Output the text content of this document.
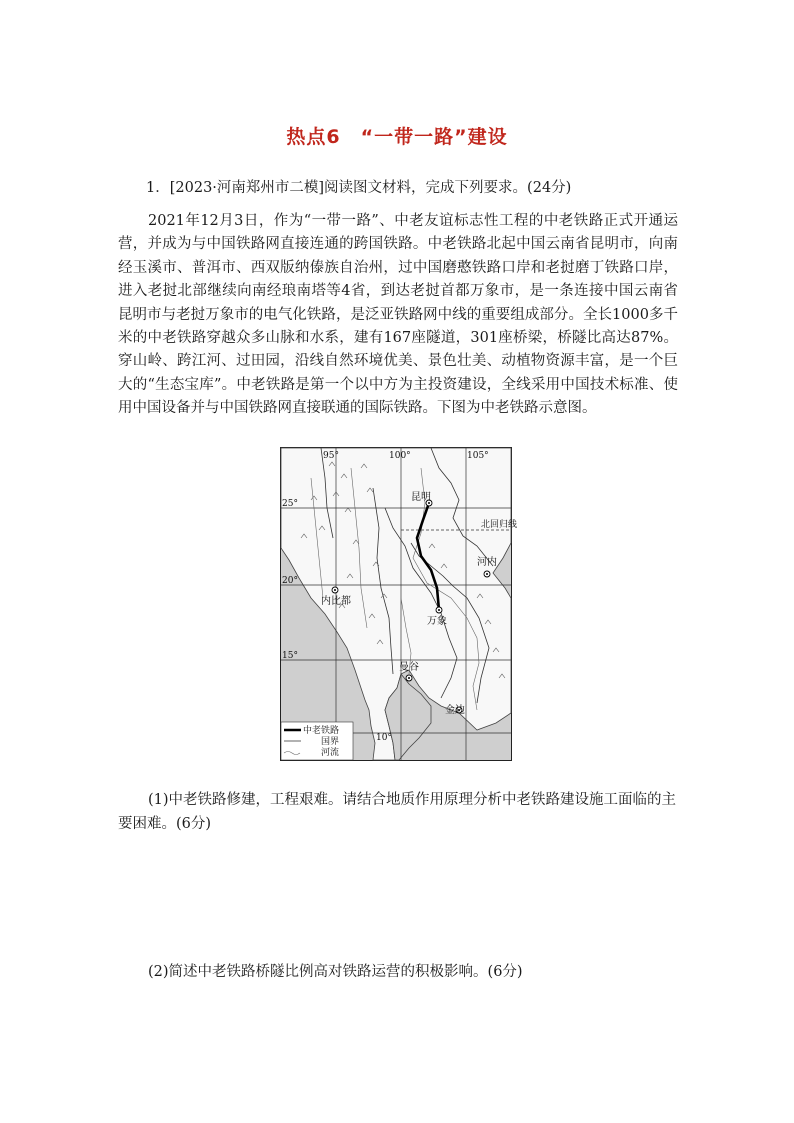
热点6　“一带一路”建设
1．[2023·河南郑州市二模]阅读图文材料，完成下列要求。(24分)

2021年12月3日，作为“一带一路”、中老友谊标志性工程的中老铁路正式开通运营，并成为与中国铁路网直接连通的跨国铁路。中老铁路北起中国云南省昆明市，向南经玉溪市、普洱市、西双版纳傣族自治州，过中国磨憨铁路口岸和老挝磨丁铁路口岸，进入老挝北部继续向南经琅南塔等4省，到达老挝首都万象市，是一条连接中国云南省昆明市与老挝万象市的电气化铁路，是泛亚铁路网中线的重要组成部分。全长1000多千米的中老铁路穿越众多山脉和水系，建有167座隧道，301座桥梁，桥隧比高达87%。穿山岭、跨江河、过田园，沿线自然环境优美、景色壮美、动植物资源丰富，是一个巨大的“生态宝库”。中老铁路是第一个以中方为主投资建设，全线采用中国技术标准、使用中国设备并与中国铁路网直接联通的国际铁路。下图为中老铁路示意图。

95°	100°	105°
25°
20°
15°
10°
北回归线
昆明
河内
内比都
万象
曼谷
金边
中老铁路
国界
河流
(1)中老铁路修建，工程艰难。请结合地质作用原理分析中老铁路建设施工面临的主要困难。(6分)
(2)简述中老铁路桥隧比例高对铁路运营的积极影响。(6分)
